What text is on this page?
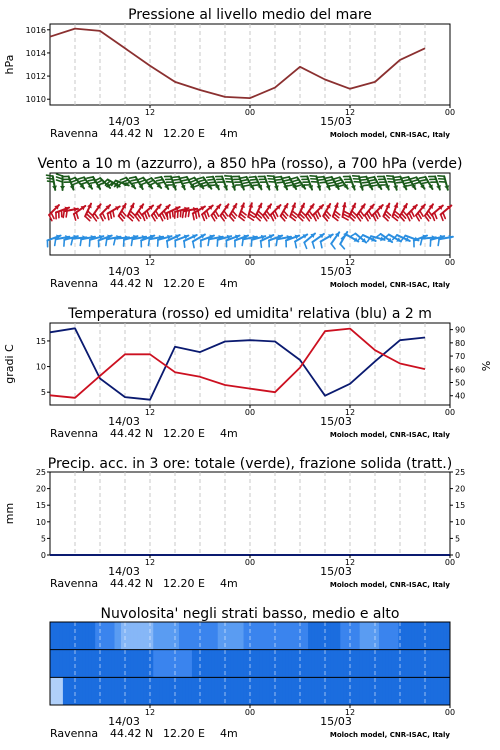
Pressione al livello medio del mare
1010
1012
1014
1016
hPa
12	00	12	00
14/03	15/03
Ravenna 44.42 N 12.20 E 4m	Moloch model, CNR-ISAC, Italy
Vento a 10 m (azzurro), a 850 hPa (rosso), a 700 hPa (verde)
12	00	12	00
14/03	15/03
Ravenna 44.42 N 12.20 E 4m	Moloch model, CNR-ISAC, Italy
Temperatura (rosso) ed umidita' relativa (blu) a 2 m
5
10
15
40
50
60
70
80
90
gradi C	%
12	00	12	00
14/03	15/03
Ravenna 44.42 N 12.20 E 4m	Moloch model, CNR-ISAC, Italy
Precip. acc. in 3 ore: totale (verde), frazione solida (tratt.)
0
5
10
15
20
25
0
5
10
15
20
25
mm
12	00	12	00
14/03	15/03
Ravenna 44.42 N 12.20 E 4m	Moloch model, CNR-ISAC, Italy
Nuvolosita' negli strati basso, medio e alto
12	00	12	00
14/03	15/03
Ravenna 44.42 N 12.20 E 4m	Moloch model, CNR-ISAC, Italy
